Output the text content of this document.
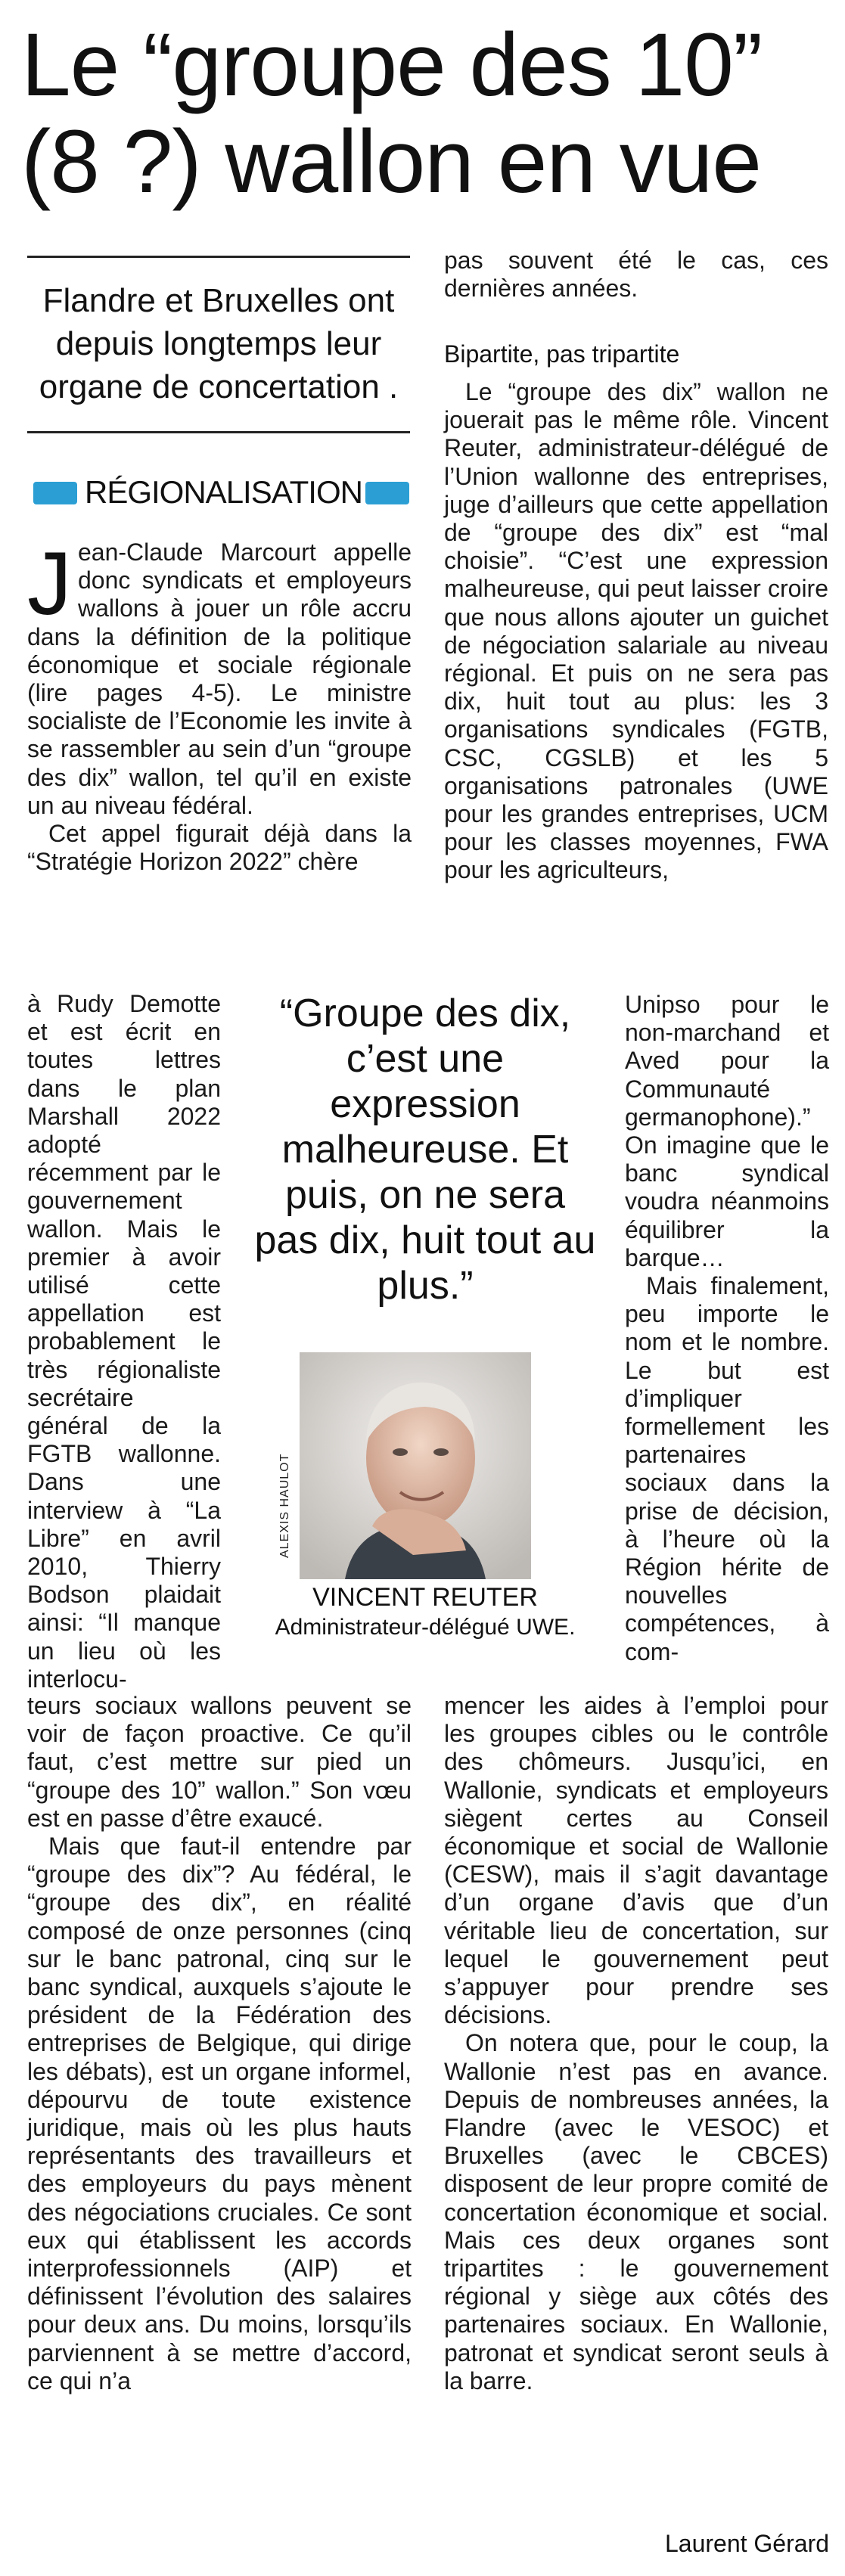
Le “groupe des 10”
(8 ?) wallon en vue

Flandre et Bruxelles ont depuis longtemps leur organe de concertation .

RÉGIONALISATION

Jean-Claude Marcourt appelle donc syndicats et employeurs wallons à jouer un rôle accru dans la définition de la politique économique et sociale régionale (lire pages 4-5). Le ministre socialiste de l’Economie les invite à se rassembler au sein d’un “groupe des dix” wallon, tel qu’il en existe un au niveau fédéral.

Cet appel figurait déjà dans la “Stratégie Horizon 2022” chère

à Rudy Demotte et est écrit en toutes lettres dans le plan Marshall 2022 adopté récemment par le gouvernement wallon. Mais le premier à avoir utilisé cette appellation est probablement le très régionaliste secrétaire général de la FGTB wallonne. Dans une interview à “La Libre” en avril 2010, Thierry Bodson plaidait ainsi: “Il manque un lieu où les interlocu-

teurs sociaux wallons peuvent se voir de façon proactive. Ce qu’il faut, c’est mettre sur pied un “groupe des 10” wallon.” Son vœu est en passe d’être exaucé.

Mais que faut-il entendre par “groupe des dix”? Au fédéral, le “groupe des dix”, en réalité composé de onze personnes (cinq sur le banc patronal, cinq sur le banc syndical, auxquels s’ajoute le président de la Fédération des entreprises de Belgique, qui dirige les débats), est un organe informel, dépourvu de toute existence juridique, mais où les plus hauts représentants des travailleurs et des employeurs du pays mènent des négociations cruciales. Ce sont eux qui établissent les accords interprofessionnels (AIP) et définissent l’évolution des salaires pour deux ans. Du moins, lorsqu’ils parviennent à se mettre d’accord, ce qui n’a

pas souvent été le cas, ces dernières années.

Bipartite, pas tripartite

Le “groupe des dix” wallon ne jouerait pas le même rôle. Vincent Reuter, administrateur-délégué de l’Union wallonne des entreprises, juge d’ailleurs que cette appellation de “groupe des dix” est “mal choisie”. “C’est une expression malheureuse, qui peut laisser croire que nous allons ajouter un guichet de négociation salariale au niveau régional. Et puis on ne sera pas dix, huit tout au plus: les 3 organisations syndicales (FGTB, CSC, CGSLB) et les 5 organisations patronales (UWE pour les grandes entreprises, UCM pour les classes moyennes, FWA pour les agriculteurs,

Unipso pour le non-marchand et Aved pour la Communauté germanophone).” On imagine que le banc syndical voudra néanmoins équilibrer la barque…

Mais finalement, peu importe le nom et le nombre. Le but est d’impliquer formellement les partenaires sociaux dans la prise de décision, à l’heure où la Région hérite de nouvelles compétences, à com-

mencer les aides à l’emploi pour les groupes cibles ou le contrôle des chômeurs. Jusqu’ici, en Wallonie, syndicats et employeurs siègent certes au Conseil économique et social de Wallonie (CESW), mais il s’agit davantage d’un organe d’avis que d’un véritable lieu de concertation, sur lequel le gouvernement peut s’appuyer pour prendre ses décisions.

On notera que, pour le coup, la Wallonie n’est pas en avance. Depuis de nombreuses années, la Flandre (avec le VESOC) et Bruxelles (avec le CBCES) disposent de leur propre comité de concertation économique et social. Mais ces deux organes sont tripartites : le gouvernement régional y siège aux côtés des partenaires sociaux. En Wallonie, patronat et syndicat seront seuls à la barre.

“Groupe des dix, c’est une expression malheureuse. Et puis, on ne sera pas dix, huit tout au plus.”

ALEXIS HAULOT

VINCENT REUTER

Administrateur-délégué UWE.

Laurent Gérard
